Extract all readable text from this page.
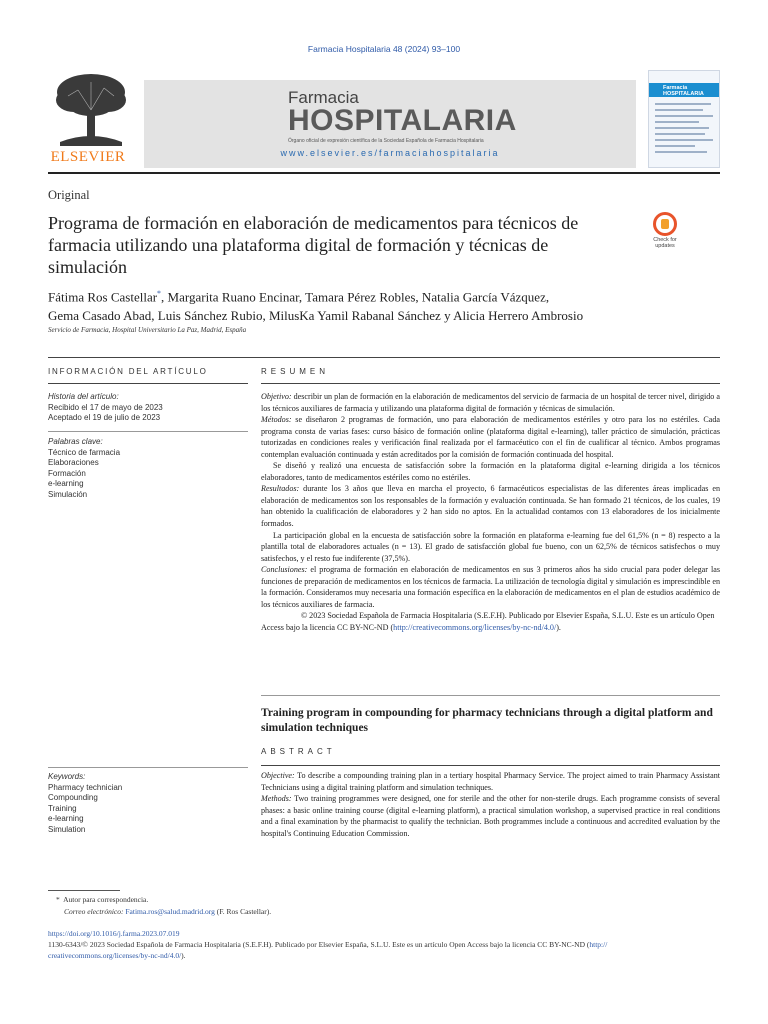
Farmacia Hospitalaria 48 (2024) 93–100
ELSEVIER
Farmacia
HOSPITALARIA
Órgano oficial de expresión científica de la Sociedad Española de Farmacia Hospitalaria
www.elsevier.es/farmaciahospitalaria
Farmacia HOSPITALARIA
Original
Programa de formación en elaboración de medicamentos para técnicos de farmacia utilizando una plataforma digital de formación y técnicas de simulación
Check for updates
Fátima Ros Castellar*, Margarita Ruano Encinar, Tamara Pérez Robles, Natalia García Vázquez,
Gema Casado Abad, Luis Sánchez Rubio, MilusKa Yamil Rabanal Sánchez y Alicia Herrero Ambrosio
Servicio de Farmacia, Hospital Universitario La Paz, Madrid, España
INFORMACIÓN DEL ARTÍCULO	RESUMEN
Historia del artículo:
Recibido el 17 de mayo de 2023
Aceptado el 19 de julio de 2023
Palabras clave:
Técnico de farmacia
Elaboraciones
Formación
e-learning
Simulación

Objetivo: describir un plan de formación en la elaboración de medicamentos del servicio de farmacia de un hospital de tercer nivel, dirigido a los técnicos auxiliares de farmacia y utilizando una plataforma digital de formación y técnicas de simulación.

Métodos: se diseñaron 2 programas de formación, uno para elaboración de medicamentos estériles y otro para los no estériles. Cada programa consta de varias fases: curso básico de formación online (plataforma digital e-learning), taller práctico de simulación, prácticas tutorizadas en condiciones reales y verificación final realizada por el farmacéutico con el fin de cualificar al técnico. Ambos programas contemplan evaluación continuada y están acreditados por la comisión de formación continuada del hospital.

Se diseñó y realizó una encuesta de satisfacción sobre la formación en la plataforma digital e-learning dirigida a los técnicos elaboradores, tanto de medicamentos estériles como no estériles.

Resultados: durante los 3 años que lleva en marcha el proyecto, 6 farmacéuticos especialistas de las diferentes áreas implicadas en elaboración de medicamentos son los responsables de la formación y evaluación continuada. Se han formado 21 técnicos, de los cuales, 19 han obtenido la cualificación de elaboradores y 2 han sido no aptos. En la actualidad contamos con 13 elaboradores de los inicialmente formados.

La participación global en la encuesta de satisfacción sobre la formación en plataforma e-learning fue del 61,5% (n = 8) respecto a la plantilla total de elaboradores actuales (n = 13). El grado de satisfacción global fue bueno, con un 62,5% de técnicos satisfechos o muy satisfechos, y el resto fue indiferente (37,5%).

Conclusiones: el programa de formación en elaboración de medicamentos en sus 3 primeros años ha sido crucial para poder delegar las funciones de preparación de medicamentos en los técnicos de farmacia. La utilización de tecnología digital y simulación es imprescindible en la formación. Consideramos muy necesaria una formación específica en la elaboración de medicamentos en el plan de estudios académico de los técnicos auxiliares de farmacia.

© 2023 Sociedad Española de Farmacia Hospitalaria (S.E.F.H). Publicado por Elsevier España, S.L.U. Este es un artículo Open Access bajo la licencia CC BY-NC-ND (http://creativecommons.org/licenses/by-nc-nd/4.0/).

Training program in compounding for pharmacy technicians through a digital platform and simulation techniques
ABSTRACT
Keywords:
Pharmacy technician
Compounding
Training
e-learning
Simulation

Objective: To describe a compounding training plan in a tertiary hospital Pharmacy Service. The project aimed to train Pharmacy Assistant Technicians using a digital training platform and simulation techniques.

Methods: Two training programmes were designed, one for sterile and the other for non-sterile drugs. Each programme consists of several phases: a basic online training course (digital e-learning platform), a practical simulation workshop, a supervised practice in real conditions and a final examination by the pharmacist to qualify the technician. Both programmes include a continuous and accredited evaluation by the hospital's Continuing Education Commission.

* Autor para correspondencia.
Correo electrónico: Fatima.ros@salud.madrid.org (F. Ros Castellar).
https://doi.org/10.1016/j.farma.2023.07.019
1130-6343/© 2023 Sociedad Española de Farmacia Hospitalaria (S.E.F.H). Publicado por Elsevier España, S.L.U. Este es un artículo Open Access bajo la licencia CC BY-NC-ND (http://
creativecommons.org/licenses/by-nc-nd/4.0/).
